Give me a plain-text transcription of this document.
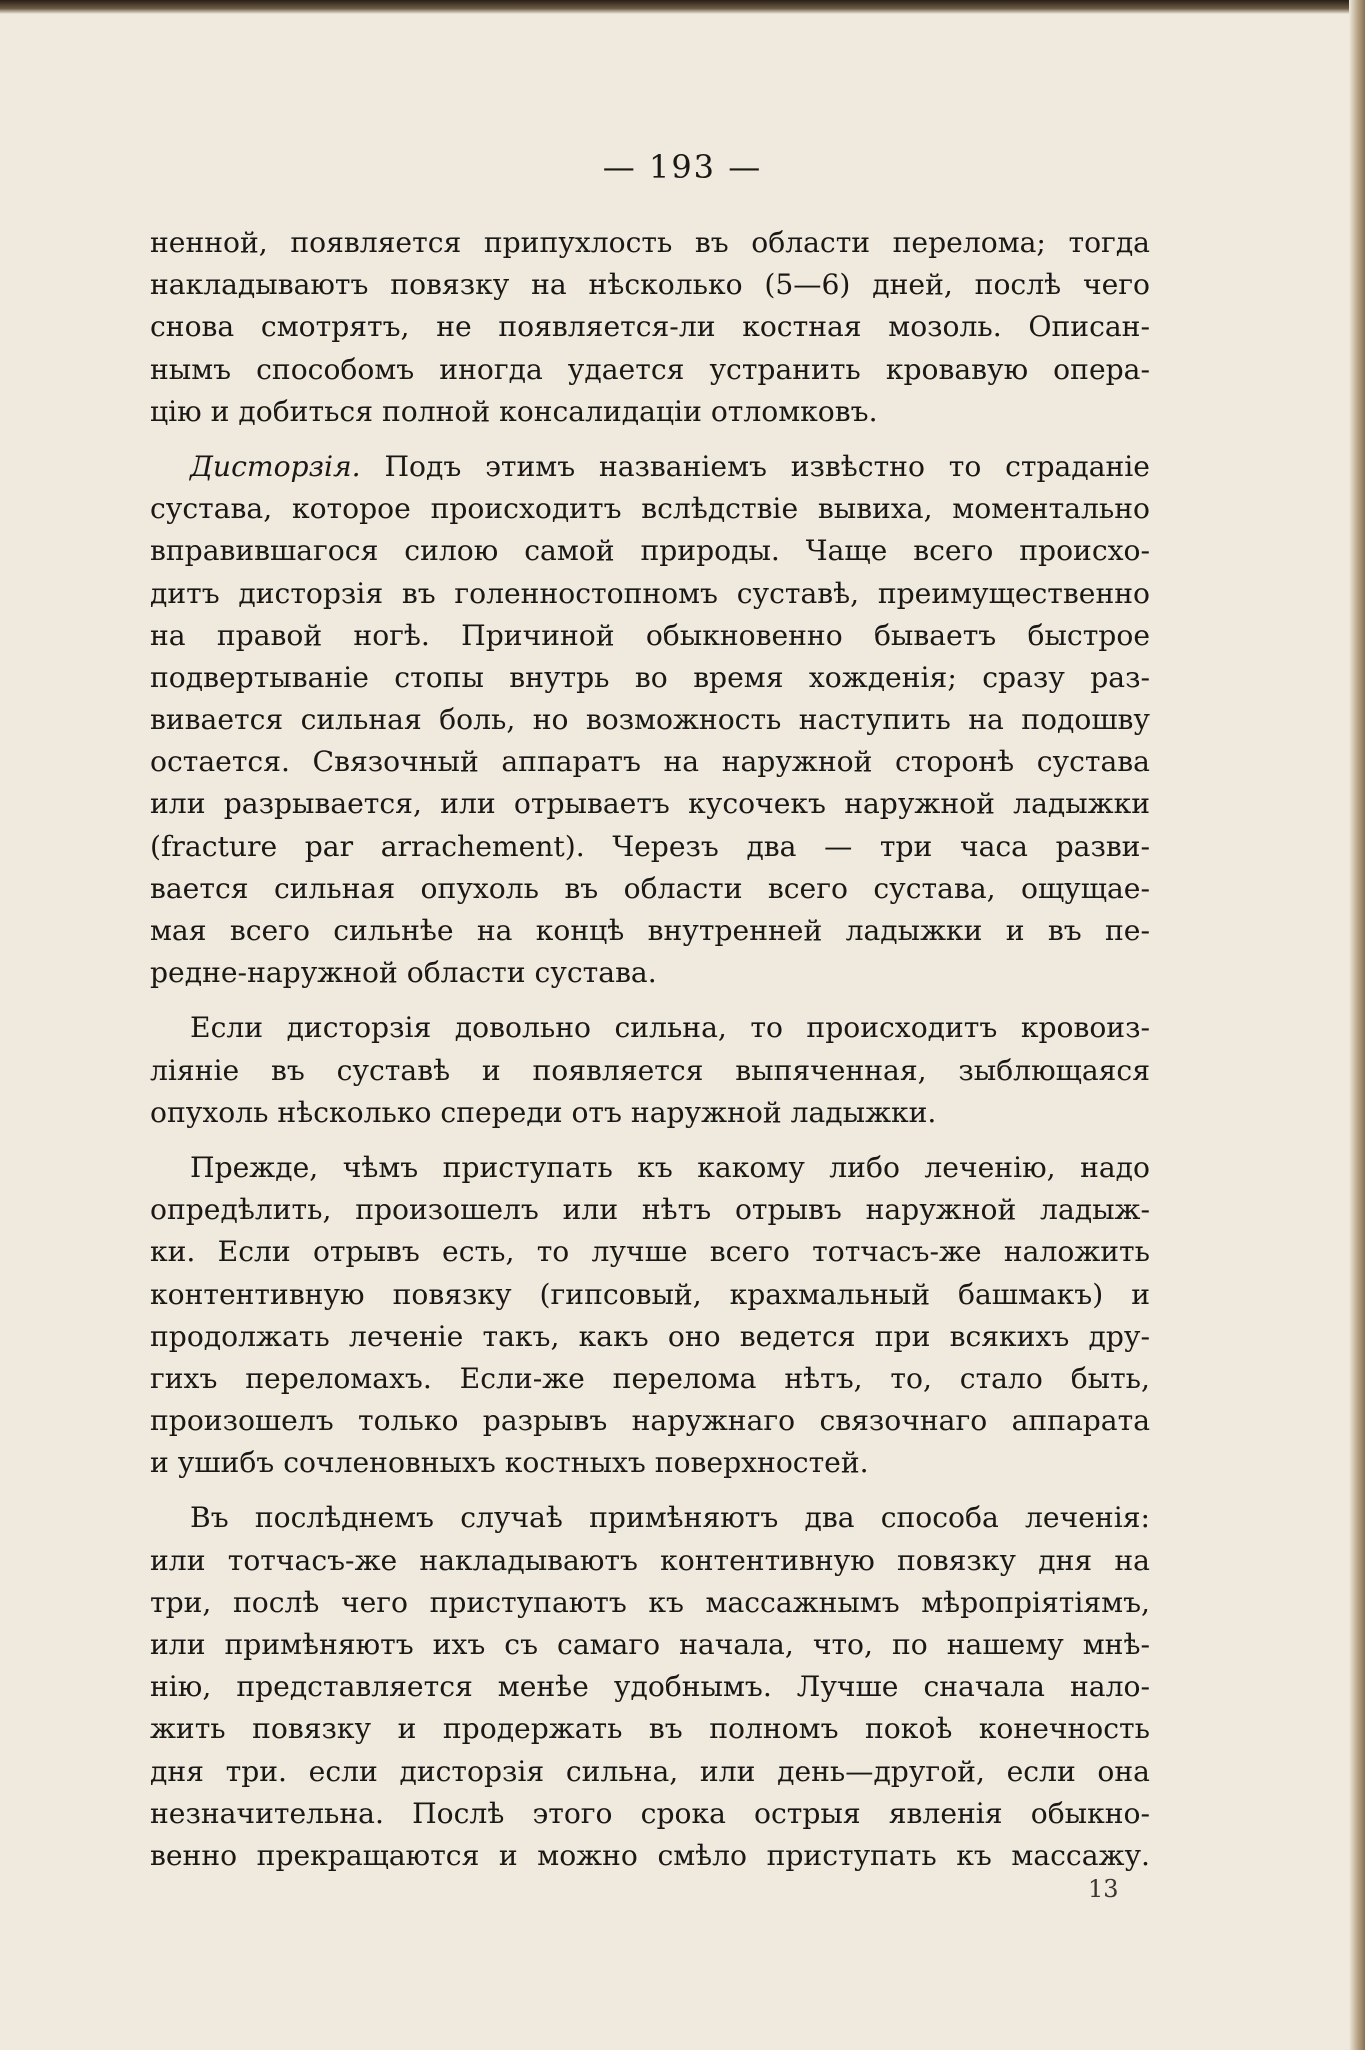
— 193 —
ненной, появляется припухлость въ области перелома; тогда
накладываютъ повязку на нѣсколько (5—6) дней, послѣ чего
снова смотрятъ, не появляется-ли костная мозоль. Описан-
нымъ способомъ иногда удается устранить кровавую опера-
цію и добиться полной консалидаціи отломковъ.
Дисторзія. Подъ этимъ названіемъ извѣстно то страданіе
сустава, которое происходитъ вслѣдствіе вывиха, моментально
вправившагося силою самой природы. Чаще всего происхо-
дитъ дисторзія въ голенностопномъ суставѣ, преимущественно
на правой ногѣ. Причиной обыкновенно бываетъ быстрое
подвертываніе стопы внутрь во время хожденія; сразу раз-
вивается сильная боль, но возможность наступить на подошву
остается. Связочный аппаратъ на наружной сторонѣ сустава
или разрывается, или отрываетъ кусочекъ наружной ладыжки
(fracture par arrachement). Черезъ два — три часа разви-
вается сильная опухоль въ области всего сустава, ощущае-
мая всего сильнѣе на концѣ внутренней ладыжки и въ пе-
редне-наружной области сустава.
Если дисторзія довольно сильна, то происходитъ кровоиз-
ліяніе въ суставѣ и появляется выпяченная, зыблющаяся
опухоль нѣсколько спереди отъ наружной ладыжки.
Прежде, чѣмъ приступать къ какому либо леченію, надо
опредѣлить, произошелъ или нѣтъ отрывъ наружной ладыж-
ки. Если отрывъ есть, то лучше всего тотчасъ-же наложить
контентивную повязку (гипсовый, крахмальный башмакъ) и
продолжать леченіе такъ, какъ оно ведется при всякихъ дру-
гихъ переломахъ. Если-же перелома нѣтъ, то, стало быть,
произошелъ только разрывъ наружнаго связочнаго аппарата
и ушибъ сочленовныхъ костныхъ поверхностей.
Въ послѣднемъ случаѣ примѣняютъ два способа леченія:
или тотчасъ-же накладываютъ контентивную повязку дня на
три, послѣ чего приступаютъ къ массажнымъ мѣропріятіямъ,
или примѣняютъ ихъ съ самаго начала, что, по нашему мнѣ-
нію, представляется менѣе удобнымъ. Лучше сначала нало-
жить повязку и продержать въ полномъ покоѣ конечность
дня три. если дисторзія сильна, или день—другой, если она
незначительна. Послѣ этого срока острыя явленія обыкно-
венно прекращаются и можно смѣло приступать къ массажу.
13
